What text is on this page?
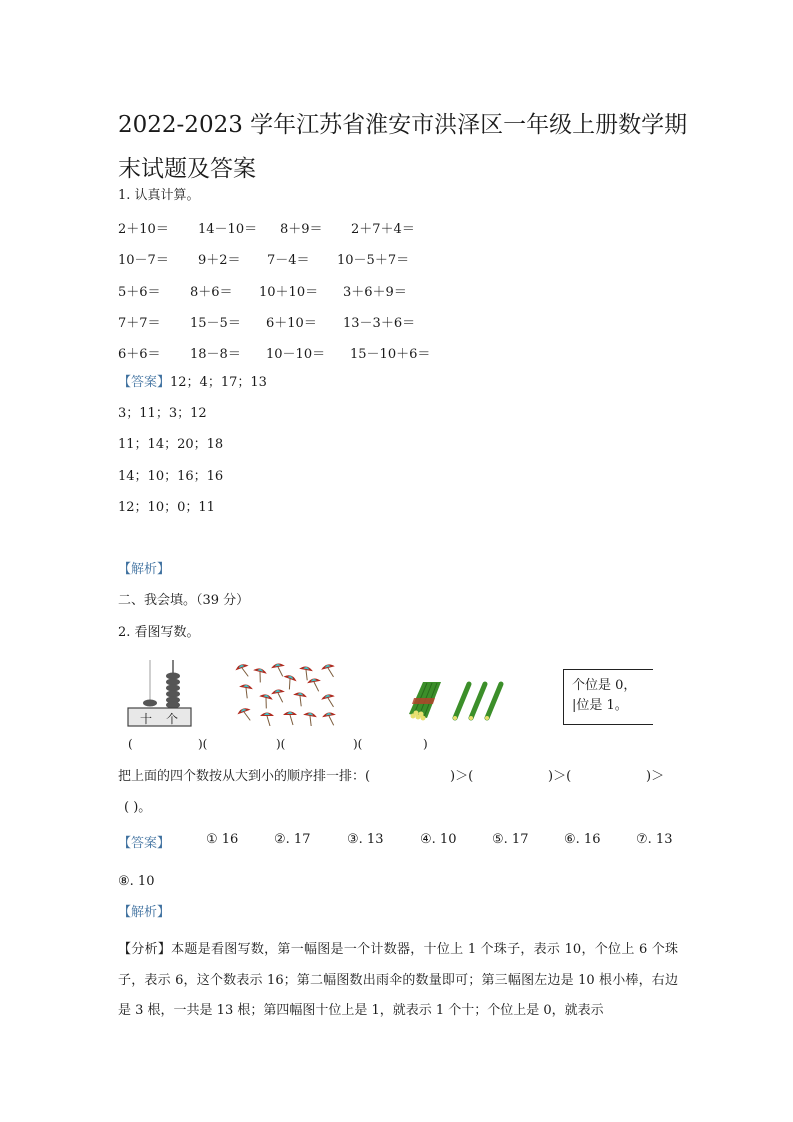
2022-2023 学年江苏省淮安市洪泽区一年级上册数学期末试题及答案
1. 认真计算。
2＋10＝ 14－10＝ 8＋9＝ 2＋7＋4＝
10－7＝ 9＋2＝ 7－4＝ 10－5＋7＝
5＋6＝ 8＋6＝ 10＋10＝ 3＋6＋9＝
7＋7＝ 15－5＝ 6＋10＝ 13－3＋6＝
6＋6＝ 18－8＝ 10－10＝ 15－10＋6＝
【答案】12；4；17；13
3；11；3；12
11；14；20；18
14；10；16；16
12；10；0；11
【解析】
二、我会填。（39 分）
2. 看图写数。
十 个
个位是 0，
|位是 1。
(	)(	)(	)(	)
把上面的四个数按从大到小的顺序排一排：(	)＞(	)＞(	)＞
( )。
【答案】	① 16	②. 17	③. 13	④. 10	⑤. 17	⑥. 16	⑦. 13
⑧. 10
【解析】
【分析】本题是看图写数，第一幅图是一个计数器，十位上 1 个珠子，表示 10，个位上 6 个珠子，表示 6，这个数表示 16；第二幅图数出雨伞的数量即可；第三幅图左边是 10 根小棒，右边是 3 根，一共是 13 根；第四幅图十位上是 1，就表示 1 个十；个位上是 0，就表示
